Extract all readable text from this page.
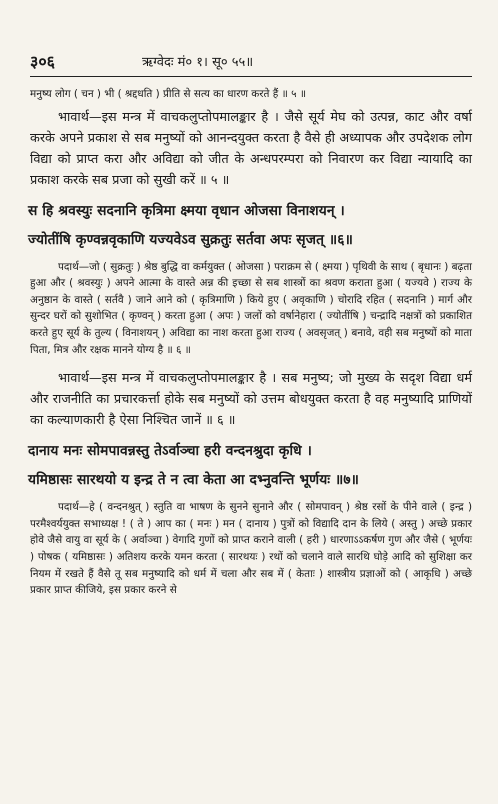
३०६	ऋग्वेदः मं० १। सू० ५५॥

मनुष्य लोग ( चन ) भी ( श्रद्दधति ) प्रीति से सत्य का धारण करते हैं ॥ ५ ॥

भावार्थ—इस मन्त्र में वाचकलुप्तोपमालङ्कार है । जैसे सूर्य मेघ को उत्पन्न, काट और वर्षा करके अपने प्रकाश से सब मनुष्यों को आनन्दयुक्त करता है वैसे ही अध्यापक और उपदेशक लोग विद्या को प्राप्त करा और अविद्या को जीत के अन्धपरम्परा को निवारण कर विद्या न्यायादि का प्रकाश करके सब प्रजा को सुखी करें ॥ ५ ॥

स हि श्रवस्युः सदनानि कृत्रिमा क्ष्मया वृधान ओजसा विनाशयन् ।
ज्योतींषि कृण्वन्नवृकाणि यज्यवेऽव सुक्रतुः सर्तवा अपः सृजत् ॥६॥

पदार्थ—जो ( सुक्रतुः ) श्रेष्ठ बुद्धि वा कर्मयुक्त ( ओजसा ) पराक्रम से ( क्ष्मया ) पृथिवी के साथ ( बृधानः ) बढ़ता हुआ और ( श्रवस्युः ) अपने आत्मा के वास्ते अन्न की इच्छा से सब शास्त्रों का श्रवण कराता हुआ ( यज्यवे ) राज्य के अनुष्ठान के वास्ते ( सर्तवै ) जाने आने को ( कृत्रिमाणि ) किये हुए ( अवृकाणि ) चोरादि रहित ( सदनानि ) मार्ग और सुन्दर घरों को सुशोभित ( कृण्वन् ) करता हुआ ( अपः ) जलों को वर्षानेहारा ( ज्योतींषि ) चन्द्रादि नक्षत्रों को प्रकाशित करते हुए सूर्य के तुल्य ( विनाशयन् ) अविद्या का नाश करता हुआ राज्य ( अवसृजत् ) बनावे, वही सब मनुष्यों को माता पिता, मित्र और रक्षक मानने योग्य है ॥ ६ ॥

भावार्थ—इस मन्त्र में वाचकलुप्तोपमालङ्कार है । सब मनुष्य; जो मुख्य के सदृश विद्या धर्म और राजनीति का प्रचारकर्त्ता होके सब मनुष्यों को उत्तम बोधयुक्त करता है वह मनुष्यादि प्राणियों का कल्याणकारी है ऐसा निश्चित जानें ॥ ६ ॥

दानाय मनः सोमपावन्नस्तु तेऽर्वाञ्चा हरी वन्दनश्रुदा कृधि ।
यमिष्ठासः सारथयो य इन्द्र ते न त्वा केता आ दभ्नुवन्ति भूर्णयः ॥७॥

पदार्थ—हे ( वन्दनश्रुत् ) स्तुति वा भाषण के सुनने सुनाने और ( सोमपावन् ) श्रेष्ठ रसों के पीने वाले ( इन्द्र ) परमैश्वर्ययुक्त सभाध्यक्ष ! ( ते ) आप का ( मनः ) मन ( दानाय ) पुत्रों को विद्यादि दान के लिये ( अस्तु ) अच्छे प्रकार होवे जैसे वायु वा सूर्य के ( अर्वाञ्चा ) वेगादि गुणों को प्राप्त कराने वाली ( हरी ) धारणाऽऽकर्षण गुण और जैसे ( भूर्णयः ) पोषक ( यमिष्ठासः ) अतिशय करके यमन करता ( सारथयः ) रथों को चलाने वाले सारथि घोड़े आदि को सुशिक्षा कर नियम में रखते हैं वैसे तू सब मनुष्यादि को धर्म में चला और सब में ( केताः ) शास्त्रीय प्रज्ञाओं को ( आकृधि ) अच्छे प्रकार प्राप्त कीजिये, इस प्रकार करने से
